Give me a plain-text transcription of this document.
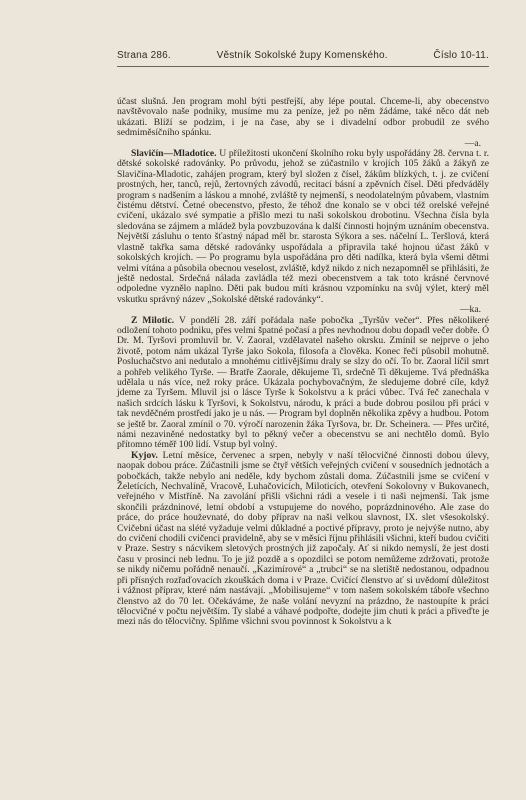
Strana 286.	Věstník Sokolské župy Komenského.	Číslo 10-11.

účast slušná. Jen program mohl býti pestřejší, aby lépe poutal. Chceme-li, aby obecenstvo navštěvovalo naše podniky, musíme mu za peníze, jež po něm žádáme, také něco dát neb ukázati. Blíží se podzim, i je na čase, aby se i divadelní odbor probudil ze svého sedmiměsíčního spánku.
—a.

Slavičín—Mladotice. U příležitosti ukončení školního roku byly uspořádány 28. června t. r. dětské sokolské radovánky. Po průvodu, jehož se zúčastnilo v krojích 105 žáků a žákyň ze Slavičína-Mladotic, zahájen program, který byl složen z čísel, žákům blízkých, t. j. ze cvičení prostných, her, tanců, rejů, žertovných závodů, recitací básní a zpěvních čísel. Děti předváděly program s nadšením a láskou a mnohé, zvláště ty nejmenší, s neodolatelným půvabem, vlastním čistému dětství. Četné obecenstvo, přesto, že téhož dne konalo se v obci též orelské veřejné cvičení, ukázalo své sympatie a přišlo mezi tu naši sokolskou drobotinu. Všechna čísla byla sledována se zájmem a mládež byla povzbuzována k další činnosti hojným uznáním obecenstva. Největší zásluhu o tento šťastný nápad měl br. starosta Sýkora a ses. náčelní L. Teršlová, která vlastně takřka sama dětské radovánky uspořádala a připravila také hojnou účast žáků v sokolských krojích. — Po programu byla uspořádána pro děti nadílka, která byla všemi dětmi velmi vítána a působila obecnou veselost, zvláště, když nikdo z nich nezapomněl se přihlásiti, že ještě nedostal. Srdečná nálada zavládla též mezi obecenstvem a tak toto krásné červnové odpoledne vyznělo naplno. Děti pak budou míti krásnou vzpomínku na svůj výlet, který měl vskutku správný název „Sokolské dětské radovánky“.
—ka.

Z Milotic. V pondělí 28. září pořádala naše pobočka „Tyršův večer“. Přes několikeré odložení tohoto podniku, přes velmi špatné počasí a přes nevhodnou dobu dopadl večer dobře. Ó Dr. M. Tyršovi promluvil br. V. Zaoral, vzdělavatel našeho okrsku. Zmínil se nejprve o jeho životě, potom nám ukázal Tyrše jako Sokola, filosofa a člověka. Konec řeči působil mohutně. Posluchačstvo ani nedutalo a mnohému citlivějšímu draly se slzy do očí. To br. Zaoral líčil smrt a pohřeb velikého Tyrše. — Bratře Zaorale, děkujeme Ti, srdečně Ti děkujeme. Tvá přednáška udělala u nás více, než roky práce. Ukázala pochybovačným, že sledujeme dobré cíle, když jdeme za Tyršem. Mluvil jsi o lásce Tyrše k Sokolstvu a k práci vůbec. Tvá řeč zanechala v našich srdcích lásku k Tyršovi, k Sokolstvu, národu, k práci a bude dobrou posilou při práci v tak nevděčném prostředí jako je u nás. — Program byl doplněn několika zpěvy a hudbou. Potom se ještě br. Zaoral zmínil o 70. výročí narozenin žáka Tyršova, br. Dr. Scheinera. — Přes určité, námi nezaviněné nedostatky byl to pěkný večer a obecenstvu se ani nechtělo domů. Bylo přítomno téměř 100 lidí. Vstup byl volný.

Kyjov. Letní měsíce, červenec a srpen, nebyly v naší tělocvičné činnosti dobou úlevy, naopak dobou práce. Zúčastnili jsme se čtyř větších veřejných cvičení v sousedních jednotách a pobočkách, takže nebylo ani neděle, kdy bychom zůstali doma. Zúčastnili jsme se cvičení v Želetících, Nechvalíně, Vracově, Luhačovicích, Miloticích, otevření Sokolovny v Bukovanech, veřejného v Mistříně. Na zavolání přišli všichni rádi a vesele i ti naši nejmenší. Tak jsme skončili prázdninové, letní období a vstupujeme do nového, poprázdninového. Ale zase do práce, do práce houževnaté, do doby příprav na naši velkou slavnost, IX. slet všesokolský. Cvičební účast na slété vyžaduje velmi důkladné a poctivé přípravy, proto je nejvýše nutno, aby do cvičení chodili cvičenci pravidelně, aby se v měsíci říjnu přihlásili všichni, kteří budou cvičiti v Praze. Sestry s nácvikem sletových prostných již započaly. Ať si nikdo nemyslí, že jest dosti času v prosinci neb lednu. To je již pozdě a s opozdilci se potom nemůžeme zdržovati, protože se nikdy ničemu pořádně nenaučí. „Kazimírové“ a „trubci“ se na sletiště nedostanou, odpadnou při přísných rozřaďovacích zkouškách doma i v Praze. Cvičící členstvo ať si uvědomí důležitost i vážnost příprav, které nám nastávají. „Mobilisujeme“ v tom našem sokolském táboře všechno členstvo až do 70 let. Očekáváme, že naše volání nevyzní na prázdno, že nastoupíte k práci tělocvičné v počtu největším. Ty slabé a váhavé podpořte, dodejte jim chuti k práci a přiveďte je mezi nás do tělocvičny. Splňme všichni svou povinnost k Sokolstvu a k
